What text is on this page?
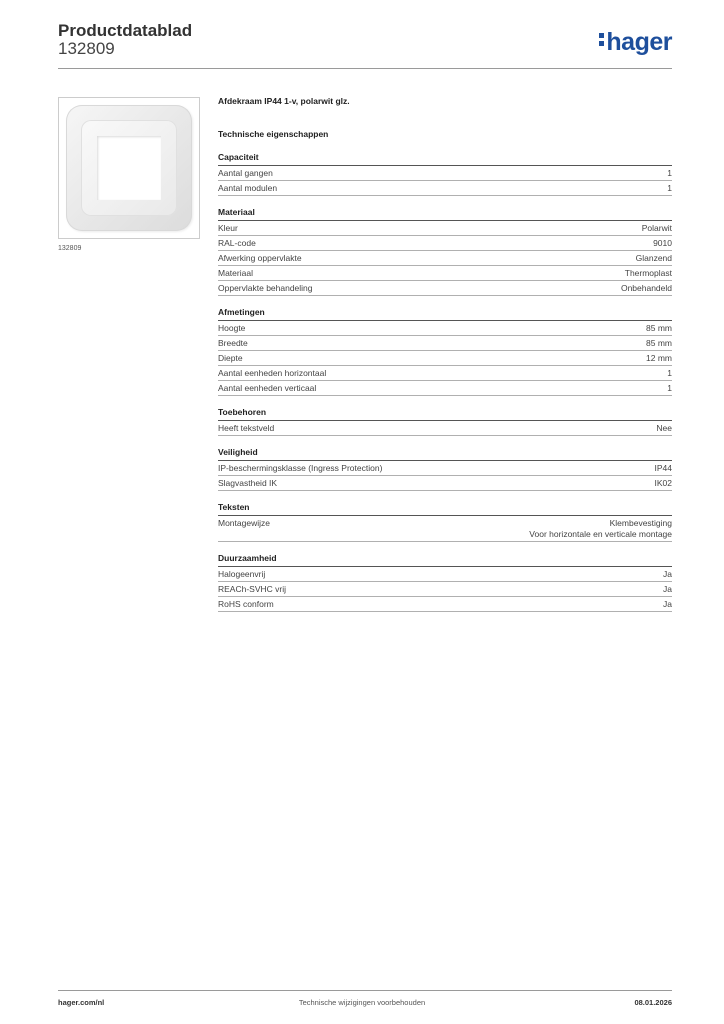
Productdatablad
132809	hager
132809
Afdekraam IP44 1-v, polarwit glz.
Technische eigenschappen
Capaciteit
Aantal gangen	1
Aantal modulen	1
Materiaal
Kleur	Polarwit
RAL-code	9010
Afwerking oppervlakte	Glanzend
Materiaal	Thermoplast
Oppervlakte behandeling	Onbehandeld
Afmetingen
Hoogte	85 mm
Breedte	85 mm
Diepte	12 mm
Aantal eenheden horizontaal	1
Aantal eenheden verticaal	1
Toebehoren
Heeft tekstveld	Nee
Veiligheid
IP-beschermingsklasse (Ingress Protection)	IP44
Slagvastheid IK	IK02
Teksten
Montagewijze	Klembevestiging
Voor horizontale en verticale montage
Duurzaamheid
Halogeenvrij	Ja
REACh-SVHC vrij	Ja
RoHS conform	Ja
hager.com/nl	Technische wijzigingen voorbehouden	08.01.2026
